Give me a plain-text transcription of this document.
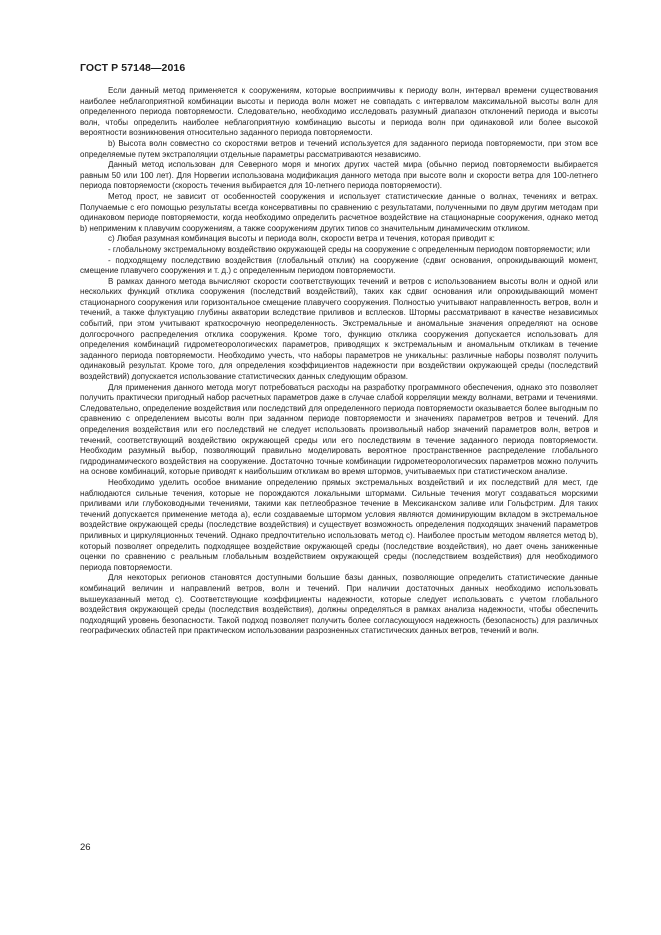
ГОСТ Р 57148—2016

Если данный метод применяется к сооружениям, которые восприимчивы к периоду волн, интервал времени существования наиболее неблагоприятной комбинации высоты и периода волн может не совпадать с интервалом максимальной высоты волн для определенного периода повторяемости. Следовательно, необходимо исследовать разумный диапазон отклонений периода и высоты волн, чтобы определить наиболее неблагоприятную комбинацию высоты и периода волн при одинаковой или более высокой вероятности возникновения относительно заданного периода повторяемости.

b) Высота волн совместно со скоростями ветров и течений используется для заданного периода повторяемости, при этом все определяемые путем экстраполяции отдельные параметры рассматриваются независимо.

Данный метод использован для Северного моря и многих других частей мира (обычно период повторяемости выбирается равным 50 или 100 лет). Для Норвегии использована модификация данного метода при высоте волн и скорости ветра для 100-летнего периода повторяемости (скорость течения выбирается для 10-летнего периода повторяемости).

Метод прост, не зависит от особенностей сооружения и использует статистические данные о волнах, течениях и ветрах. Получаемые с его помощью результаты всегда консервативны по сравнению с результатами, полученными по двум другим методам при одинаковом периоде повторяемости, когда необходимо определить расчетное воздействие на стационарные сооружения, однако метод b) неприменим к плавучим сооружениям, а также сооружениям других типов со значительным динамическим откликом.

c) Любая разумная комбинация высоты и периода волн, скорости ветра и течения, которая приводит к:

- глобальному экстремальному воздействию окружающей среды на сооружение с определенным периодом повторяемости; или

- подходящему последствию воздействия (глобальный отклик) на сооружение (сдвиг основания, опрокидывающий момент, смещение плавучего сооружения и т. д.) с определенным периодом повторяемости.

В рамках данного метода вычисляют скорости соответствующих течений и ветров с использованием высоты волн и одной или нескольких функций отклика сооружения (последствий воздействий), таких как сдвиг основания или опрокидывающий момент стационарного сооружения или горизонтальное смещение плавучего сооружения. Полностью учитывают направленность ветров, волн и течений, а также флуктуацию глубины акватории вследствие приливов и всплесков. Штормы рассматривают в качестве независимых событий, при этом учитывают краткосрочную неопределенность. Экстремальные и аномальные значения определяют на основе долгосрочного распределения отклика сооружения. Кроме того, функцию отклика сооружения допускается использовать для определения комбинаций гидрометеорологических параметров, приводящих к экстремальным и аномальным откликам в течение заданного периода повторяемости. Необходимо учесть, что наборы параметров не уникальны: различные наборы позволят получить одинаковый результат. Кроме того, для определения коэффициентов надежности при воздействии окружающей среды (последствий воздействий) допускается использование статистических данных следующим образом.

Для применения данного метода могут потребоваться расходы на разработку программного обеспечения, однако это позволяет получить практически пригодный набор расчетных параметров даже в случае слабой корреляции между волнами, ветрами и течениями. Следовательно, определение воздействия или последствий для определенного периода повторяемости оказывается более выгодным по сравнению с определением высоты волн при заданном периоде повторяемости и значениях параметров ветров и течений. Для определения воздействия или его последствий не следует использовать произвольный набор значений параметров волн, ветров и течений, соответствующий воздействию окружающей среды или его последствиям в течение заданного периода повторяемости. Необходим разумный выбор, позволяющий правильно моделировать вероятное пространственное распределение глобального гидродинамического воздействия на сооружение. Достаточно точные комбинации гидрометеорологических параметров можно получить на основе комбинаций, которые приводят к наибольшим откликам во время штормов, учитываемых при статистическом анализе.

Необходимо уделить особое внимание определению прямых экстремальных воздействий и их последствий для мест, где наблюдаются сильные течения, которые не порождаются локальными штормами. Сильные течения могут создаваться морскими приливами или глубоководными течениями, такими как петлеобразное течение в Мексиканском заливе или Гольфстрим. Для таких течений допускается применение метода a), если создаваемые штормом условия являются доминирующим вкладом в экстремальное воздействие окружающей среды (последствие воздействия) и существует возможность определения подходящих значений параметров приливных и циркуляционных течений. Однако предпочтительно использовать метод c). Наиболее простым методом является метод b), который позволяет определить подходящее воздействие окружающей среды (последствие воздействия), но дает очень заниженные оценки по сравнению с реальным глобальным воздействием окружающей среды (последствием воздействия) для необходимого периода повторяемости.

Для некоторых регионов становятся доступными большие базы данных, позволяющие определить статистические данные комбинаций величин и направлений ветров, волн и течений. При наличии достаточных данных необходимо использовать вышеуказанный метод c). Соответствующие коэффициенты надежности, которые следует использовать с учетом глобального воздействия окружающей среды (последствия воздействия), должны определяться в рамках анализа надежности, чтобы обеспечить подходящий уровень безопасности. Такой подход позволяет получить более согласующуюся надежность (безопасность) для различных географических областей при практическом использовании разрозненных статистических данных ветров, течений и волн.

26
